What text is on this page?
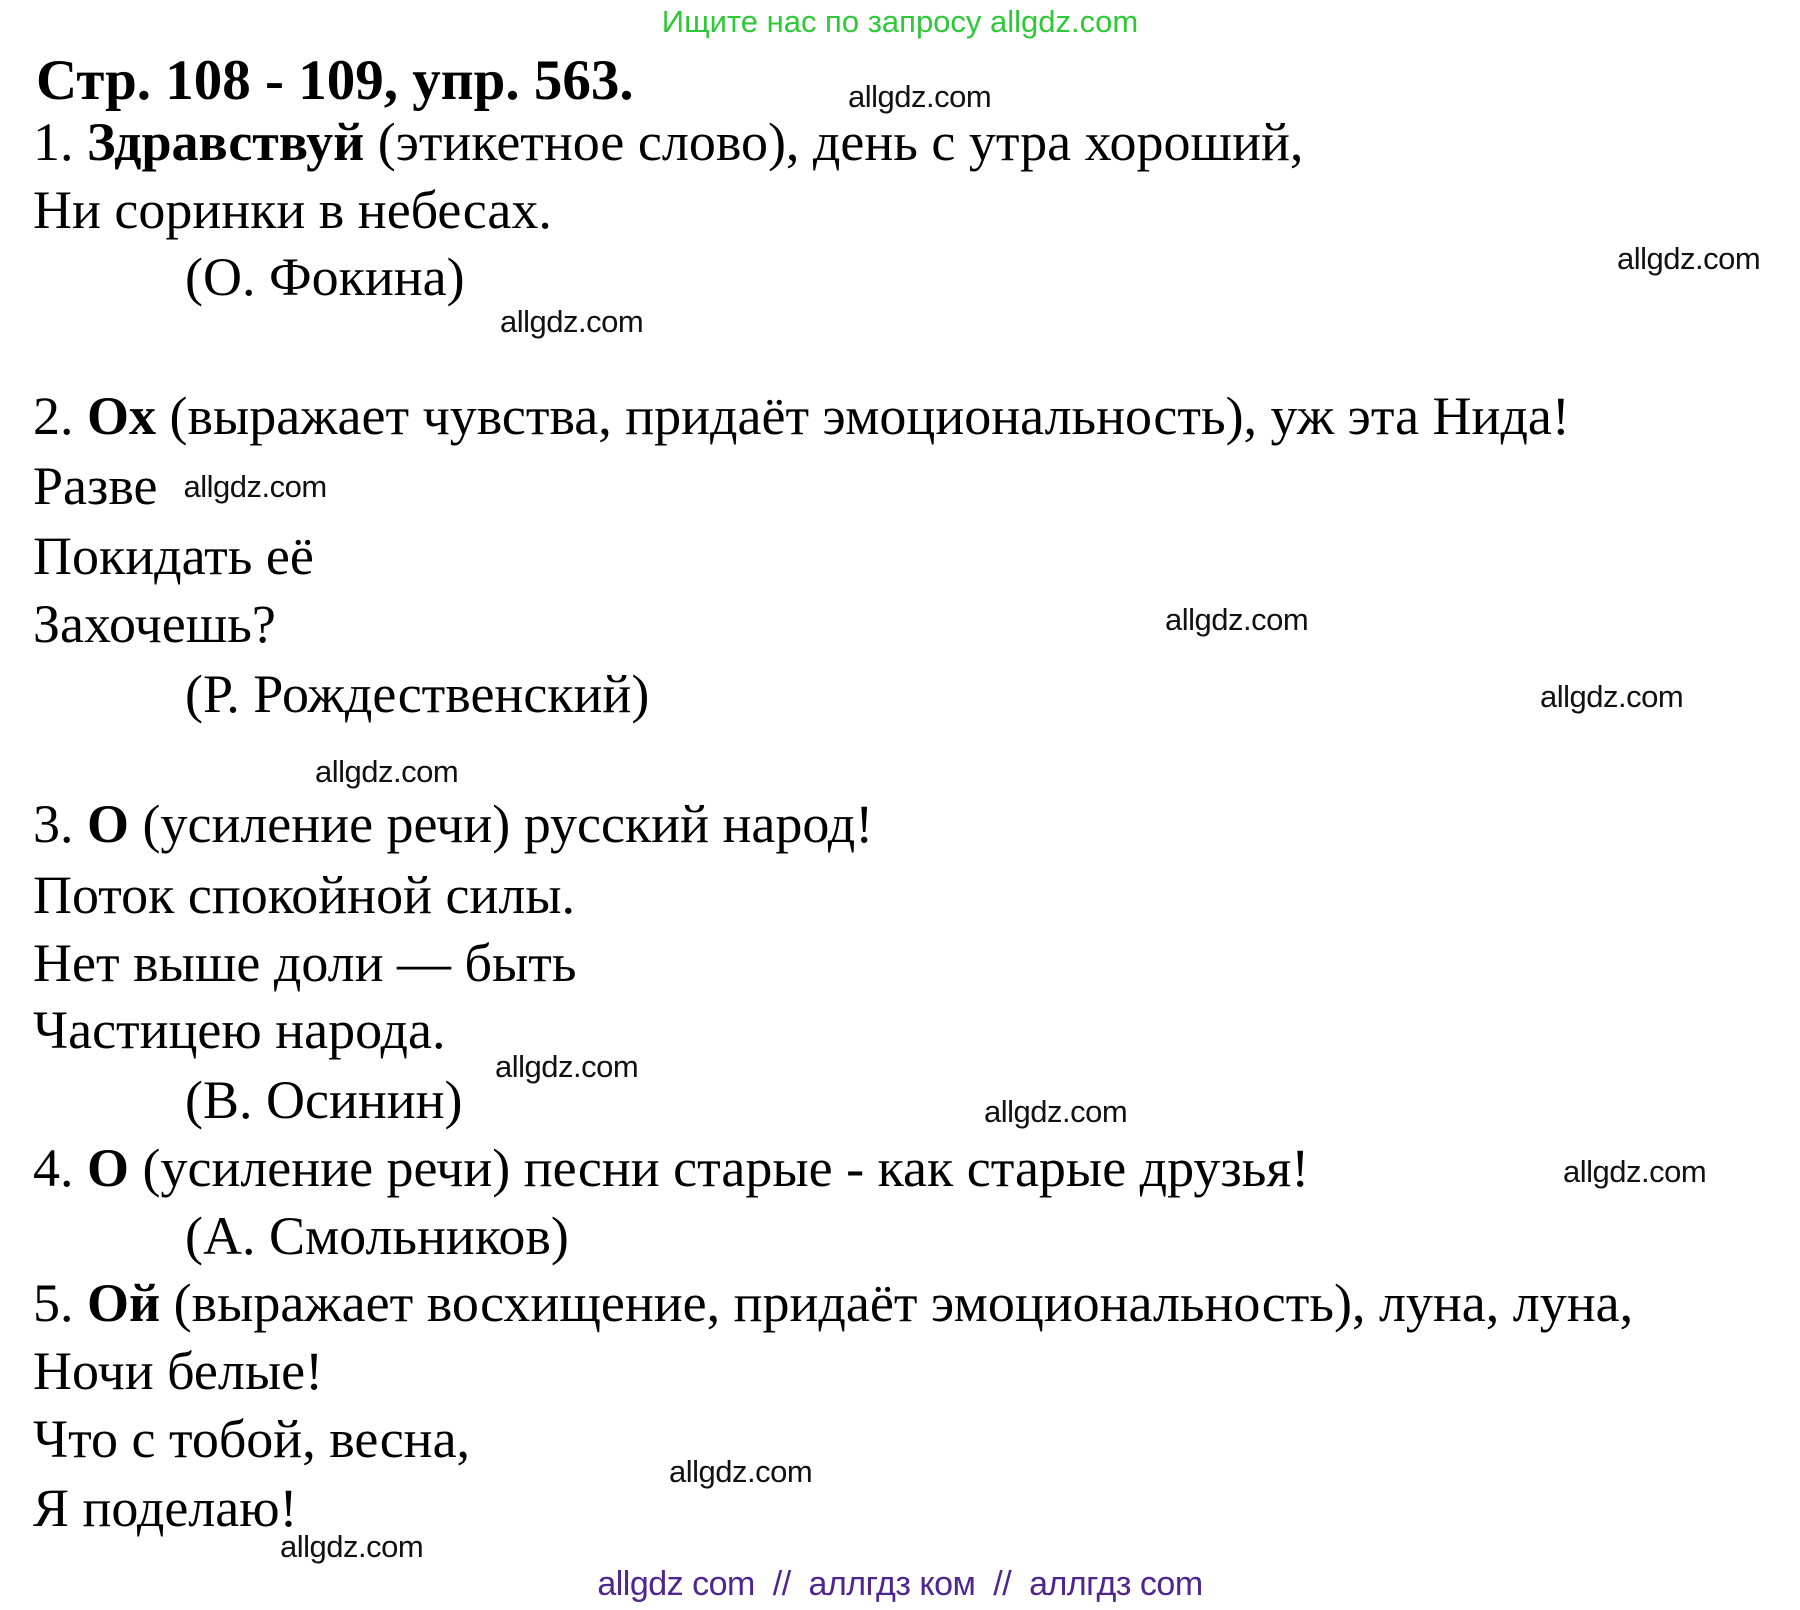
Ищите нас по запросу allgdz.com
Стр. 108 - 109, упр. 563.	allgdz.com
allgdz.com
allgdz.com
allgdz.com
allgdz.com
allgdz.com
allgdz.com
allgdz.com
allgdz.com
allgdz.com
allgdz.com
1. Здравствуй (этикетное слово), день с утра хороший,
Ни соринки в небесах.
(О. Фокина)
2. Ох (выражает чувства, придаёт эмоциональность), уж эта Нида!
Разве allgdz.com
Покидать её
Захочешь?
(Р. Рождественский)
3. О (усиление речи) русский народ!
Поток спокойной силы.
Нет выше доли — быть
Частицею народа.
(В. Осинин)
4. О (усиление речи) песни старые - как старые друзья!
(А. Смольников)
5. Ой (выражает восхищение, придаёт эмоциональность), луна, луна,
Ночи белые!
Что с тобой, весна,
Я поделаю!
allgdz com  //  аллгдз ком  //  аллгдз com
